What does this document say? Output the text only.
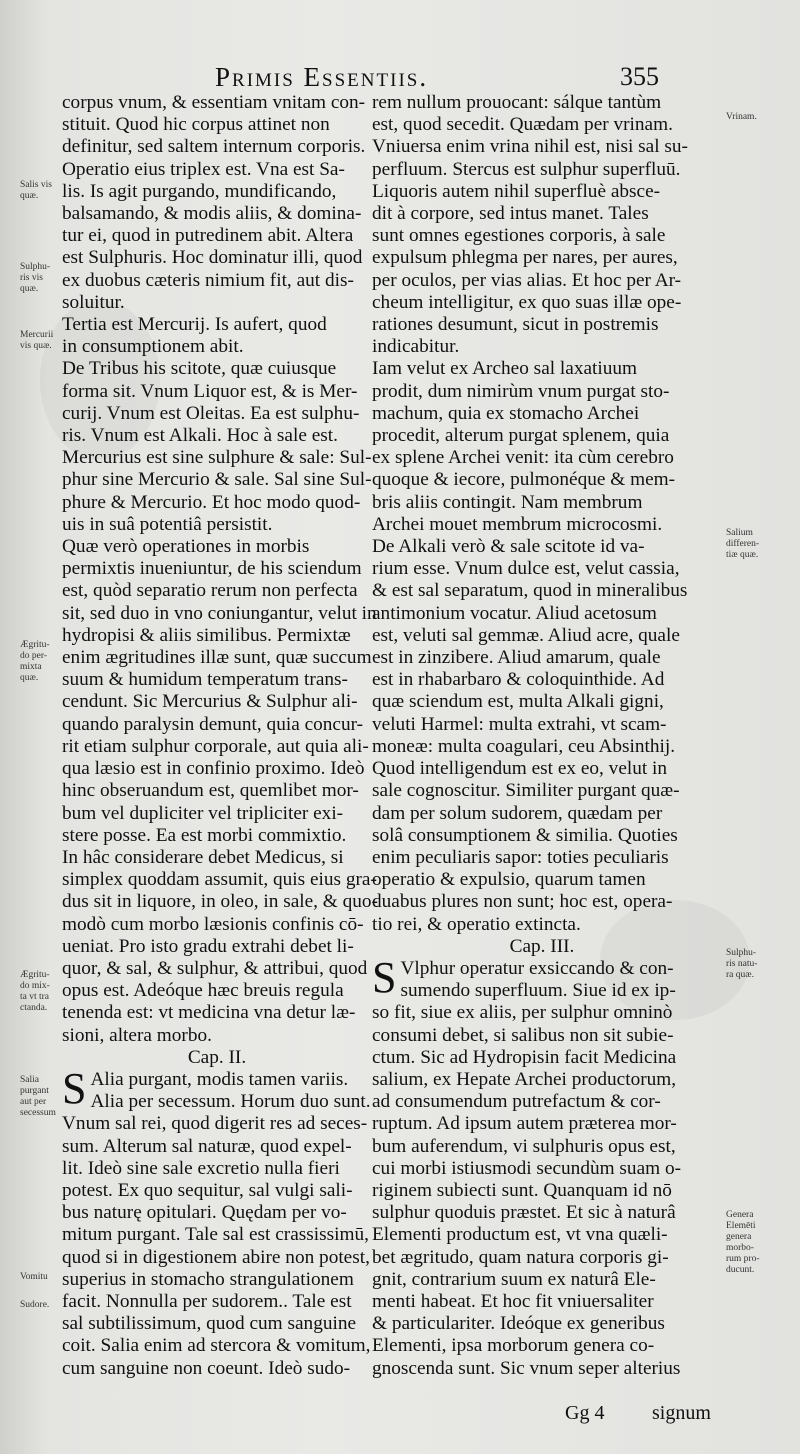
Primis Essentiis.	355

corpus vnum, & essentiam vnitam con-

stituit. Quod hic corpus attinet non

definitur, sed saltem internum corporis.

Operatio eius triplex est. Vna est Sa-

lis. Is agit purgando, mundificando,

balsamando, & modis aliis, & domina-

tur ei, quod in putredinem abit. Altera

est Sulphuris. Hoc dominatur illi, quod

ex duobus cæteris nimium fit, aut dis-

soluitur.

Tertia est Mercurij. Is aufert, quod

in consumptionem abit.

De Tribus his scitote, quæ cuiusque

forma sit. Vnum Liquor est, & is Mer-

curij. Vnum est Oleitas. Ea est sulphu-

ris. Vnum est Alkali. Hoc à sale est.

Mercurius est sine sulphure & sale: Sul-

phur sine Mercurio & sale. Sal sine Sul-

phure & Mercurio. Et hoc modo quod-

uis in suâ potentiâ persistit.

Quæ verò operationes in morbis

permixtis inueniuntur, de his sciendum

est, quòd separatio rerum non perfecta

sit, sed duo in vno coniungantur, velut in

hydropisi & aliis similibus. Permixtæ

enim ægritudines illæ sunt, quæ succum

suum & humidum temperatum trans-

cendunt. Sic Mercurius & Sulphur ali-

quando paralysin demunt, quia concur-

rit etiam sulphur corporale, aut quia ali-

qua læsio est in confinio proximo. Ideò

hinc obseruandum est, quemlibet mor-

bum vel dupliciter vel tripliciter exi-

stere posse. Ea est morbi commixtio.

In hâc considerare debet Medicus, si

simplex quoddam assumit, quis eius gra-

dus sit in liquore, in oleo, in sale, & quo-

modò cum morbo læsionis confinis cō-

ueniat. Pro isto gradu extrahi debet li-

quor, & sal, & sulphur, & attribui, quod

opus est. Adeóque hæc breuis regula

tenenda est: vt medicina vna detur læ-

sioni, altera morbo.

Cap. II.
S Alia purgant, modis tamen variis.

Alia per secessum. Horum duo sunt.

Vnum sal rei, quod digerit res ad seces-

sum. Alterum sal naturæ, quod expel-

lit. Ideò sine sale excretio nulla fieri

potest. Ex quo sequitur, sal vulgi sali-

bus naturę opitulari. Quędam per vo-

mitum purgant. Tale sal est crassissimū,

quod si in digestionem abire non potest,

superius in stomacho strangulationem

facit. Nonnulla per sudorem.. Tale est

sal subtilissimum, quod cum sanguine

coit. Salia enim ad stercora & vomitum,

cum sanguine non coeunt. Ideò sudo-

rem nullum prouocant: sálque tantùm

est, quod secedit. Quædam per vrinam.

Vniuersa enim vrina nihil est, nisi sal su-

perfluum. Stercus est sulphur superfluū.

Liquoris autem nihil superfluè absce-

dit à corpore, sed intus manet. Tales

sunt omnes egestiones corporis, à sale

expulsum phlegma per nares, per aures,

per oculos, per vias alias. Et hoc per Ar-

cheum intelligitur, ex quo suas illæ ope-

rationes desumunt, sicut in postremis

indicabitur.

Iam velut ex Archeo sal laxatiuum

prodit, dum nimirùm vnum purgat sto-

machum, quia ex stomacho Archei

procedit, alterum purgat splenem, quia

ex splene Archei venit: ita cùm cerebro

quoque & iecore, pulmonéque & mem-

bris aliis contingit. Nam membrum

Archei mouet membrum microcosmi.

De Alkali verò & sale scitote id va-

rium esse. Vnum dulce est, velut cassia,

& est sal separatum, quod in mineralibus

antimonium vocatur. Aliud acetosum

est, veluti sal gemmæ. Aliud acre, quale

est in zinzibere. Aliud amarum, quale

est in rhabarbaro & coloquinthide. Ad

quæ sciendum est, multa Alkali gigni,

veluti Harmel: multa extrahi, vt scam-

moneæ: multa coagulari, ceu Absinthij.

Quod intelligendum est ex eo, velut in

sale cognoscitur. Similiter purgant quæ-

dam per solum sudorem, quædam per

solâ consumptionem & similia. Quoties

enim peculiaris sapor: toties peculiaris

operatio & expulsio, quarum tamen

duabus plures non sunt; hoc est, opera-

tio rei, & operatio extincta.

Cap. III.
S Vlphur operatur exsiccando & con-

sumendo superfluum. Siue id ex ip-

so fit, siue ex aliis, per sulphur omninò

consumi debet, si salibus non sit subie-

ctum. Sic ad Hydropisin facit Medicina

salium, ex Hepate Archei productorum,

ad consumendum putrefactum & cor-

ruptum. Ad ipsum autem præterea mor-

bum auferendum, vi sulphuris opus est,

cui morbi istiusmodi secundùm suam o-

riginem subiecti sunt. Quanquam id nō

sulphur quoduis præstet. Et sic à naturâ

Elementi productum est, vt vna quæli-

bet ægritudo, quam natura corporis gi-

gnit, contrarium suum ex naturâ Ele-

menti habeat. Et hoc fit vniuersaliter

& particulariter. Ideóque ex generibus

Elementi, ipsa morborum genera co-

gnoscenda sunt. Sic vnum seper alterius

Salis vis
quæ.
Sulphu-
ris vis
quæ.
Mercurii
vis quæ.
Ægritu-
do per-
mixta
quæ.
Ægritu-
do mix-
ta vt tra
ctanda.
Salia
purgant
aut per
secessum
Vomitu
Sudore.
Vrinam.
Salium
differen-
tiæ quæ.
Sulphu-
ris natu-
ra quæ.
Genera
Elemēti
genera
morbo-
rum pro-
ducunt.
Gg 4 signum
